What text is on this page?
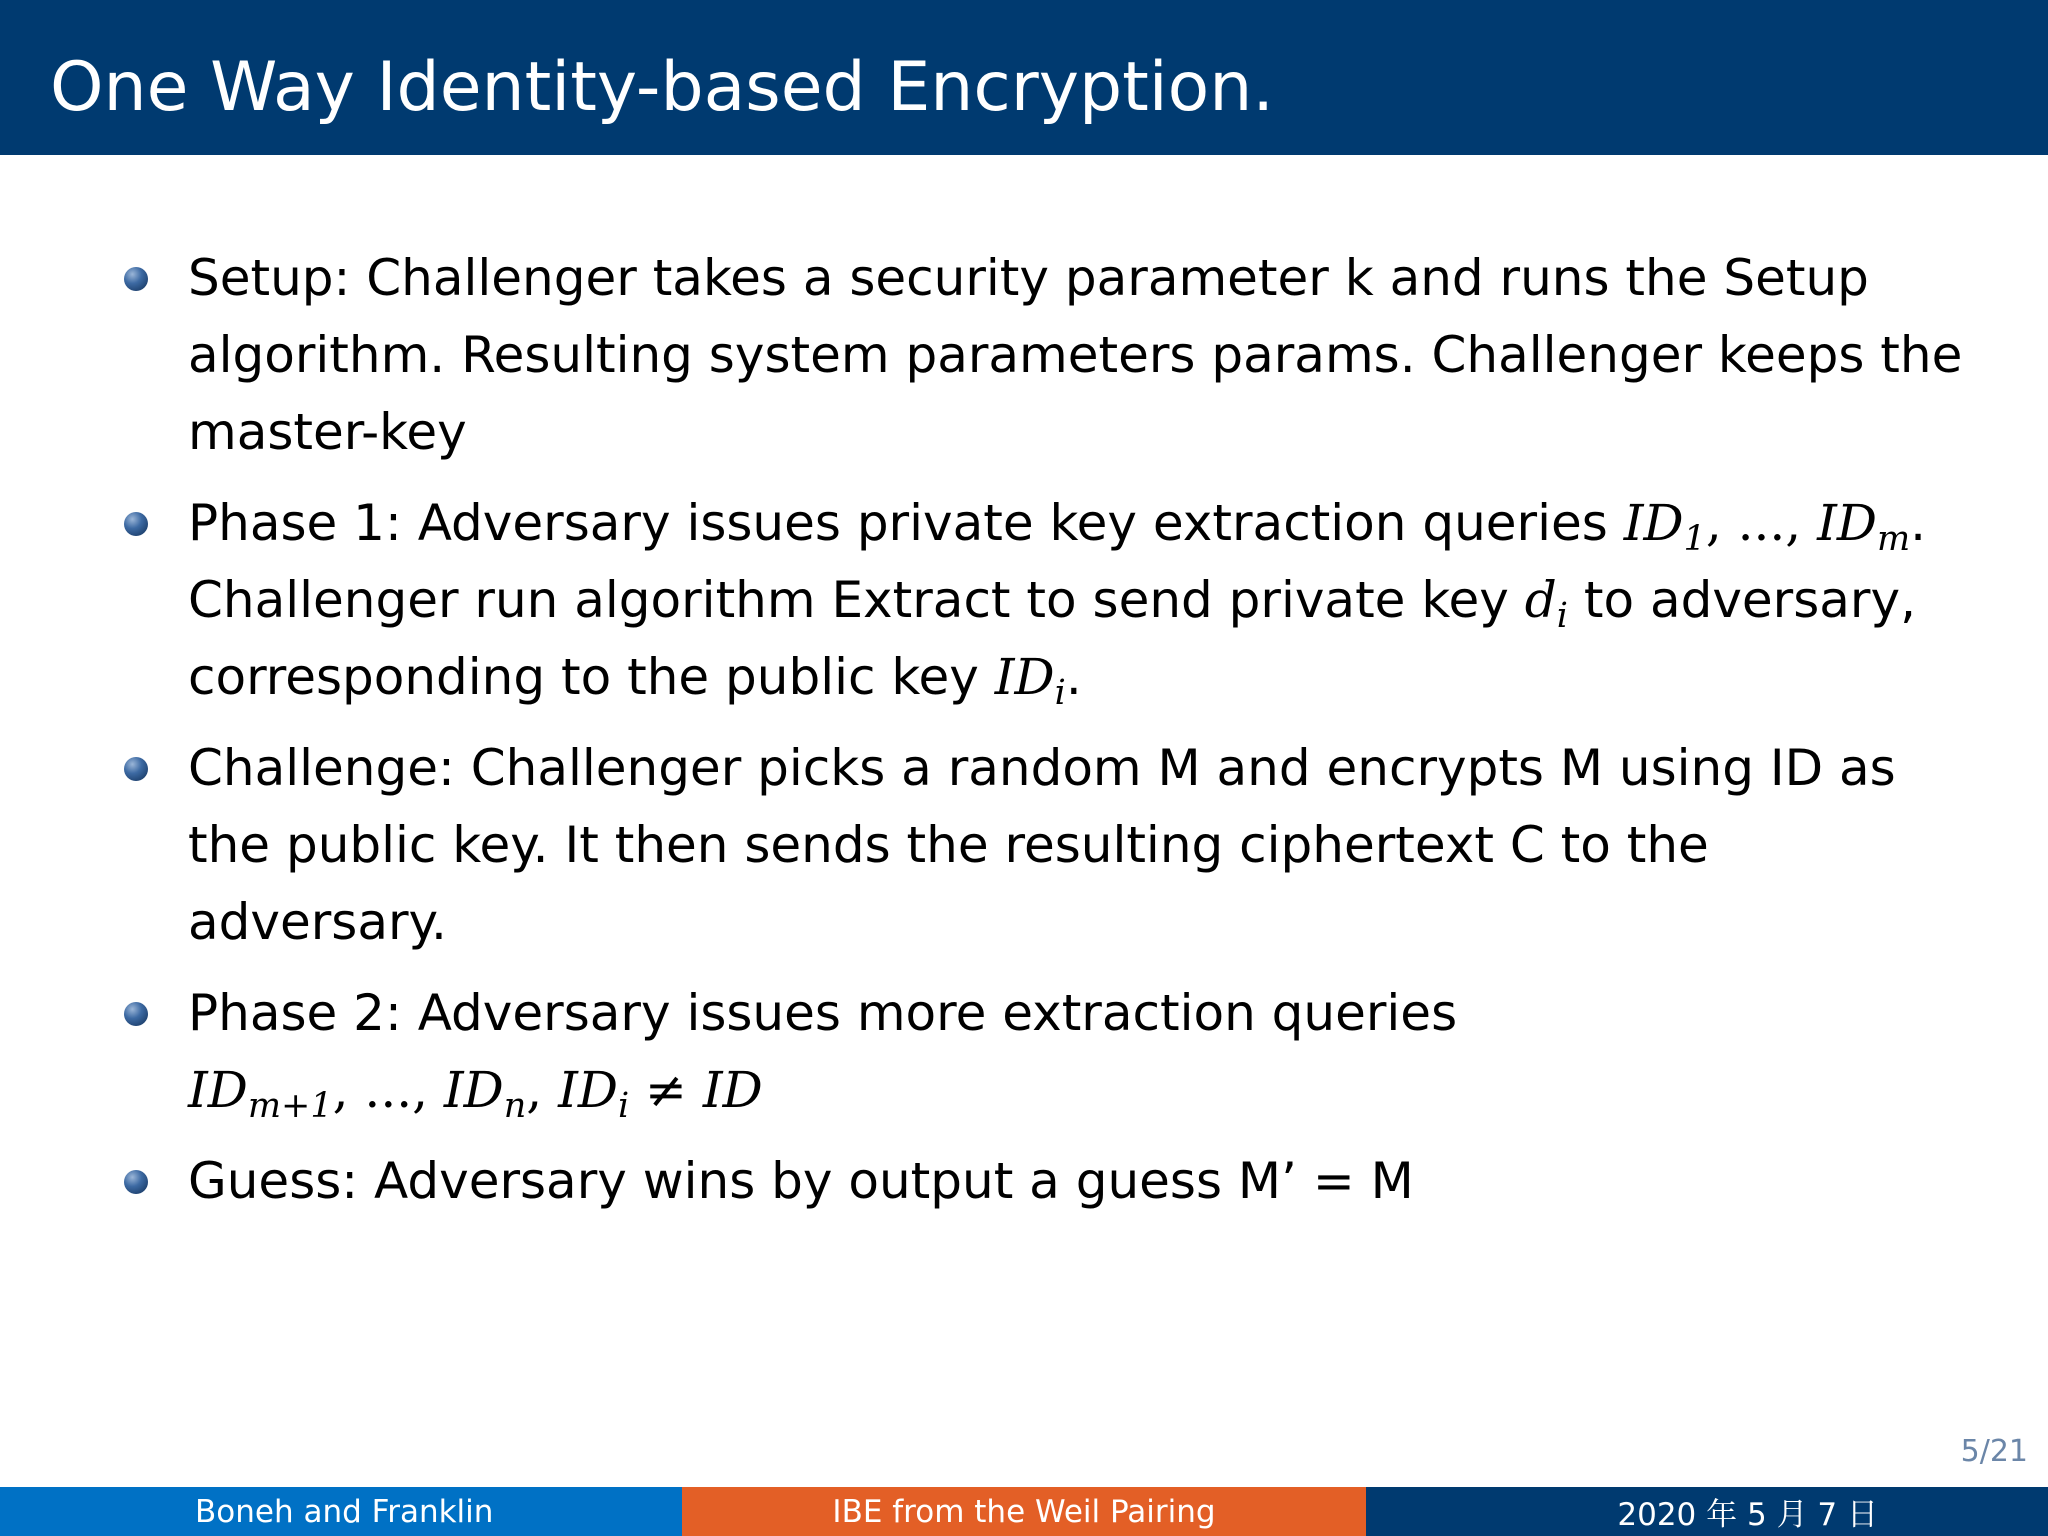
One Way Identity-based Encryption.
Setup: Challenger takes a security parameter k and runs the Setup
algorithm. Resulting system parameters params. Challenger keeps the
master-key
Phase 1: Adversary issues private key extraction queries $ID_1$, ..., $ID_m$.
Challenger run algorithm Extract to send private key $d_i$ to adversary,
corresponding to the public key $ID_i$.
Challenge: Challenger picks a random M and encrypts M using ID as
the public key. It then sends the resulting ciphertext C to the
adversary.
Phase 2: Adversary issues more extraction queries
$ID_{m+1}$, ..., $ID_n$, $ID_i$ ≠ ID
Guess: Adversary wins by output a guess M’ = M
5/21
Boneh and Franklin	IBE from the Weil Pairing	2020 年 5 月 7 日
